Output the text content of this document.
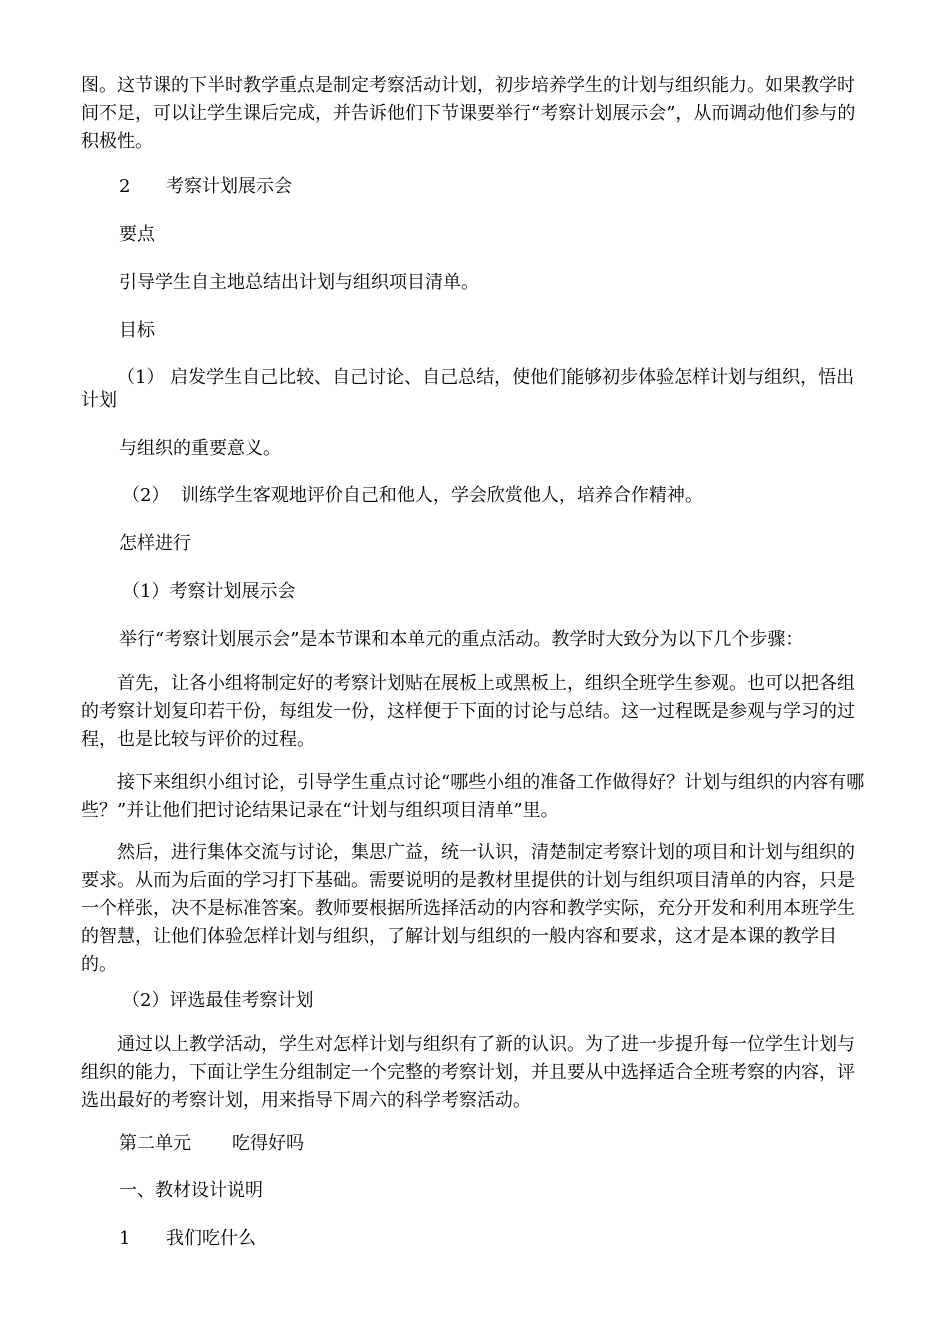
图。这节课的下半时教学重点是制定考察活动计划，初步培养学生的计划与组织能力。如果教学时间不足，可以让学生课后完成，并告诉他们下节课要举行“考察计划展示会”，从而调动他们参与的积极性。
2 考察计划展示会
要点
引导学生自主地总结出计划与组织项目清单。
目标
（1） 启发学生自己比较、自己讨论、自己总结，使他们能够初步体验怎样计划与组织，悟出
计划
与组织的重要意义。
（2）  训练学生客观地评价自己和他人，学会欣赏他人，培养合作精神。
怎样进行
（1）考察计划展示会
举行“考察计划展示会”是本节课和本单元的重点活动。教学时大致分为以下几个步骤：
首先，让各小组将制定好的考察计划贴在展板上或黑板上，组织全班学生参观。也可以把各组的考察计划复印若干份，每组发一份，这样便于下面的讨论与总结。这一过程既是参观与学习的过程，也是比较与评价的过程。
接下来组织小组讨论，引导学生重点讨论“哪些小组的准备工作做得好？计划与组织的内容有哪些？”并让他们把讨论结果记录在“计划与组织项目清单”里。
然后，进行集体交流与讨论，集思广益，统一认识，清楚制定考察计划的项目和计划与组织的要求。从而为后面的学习打下基础。需要说明的是教材里提供的计划与组织项目清单的内容，只是一个样张，决不是标准答案。教师要根据所选择活动的内容和教学实际，充分开发和利用本班学生的智慧，让他们体验怎样计划与组织，了解计划与组织的一般内容和要求，这才是本课的教学目的。
（2）评选最佳考察计划
通过以上教学活动，学生对怎样计划与组织有了新的认识。为了进一步提升每一位学生计划与组织的能力，下面让学生分组制定一个完整的考察计划，并且要从中选择适合全班考察的内容，评选出最好的考察计划，用来指导下周六的科学考察活动。
第二单元 吃得好吗
一、教材设计说明
1 我们吃什么
